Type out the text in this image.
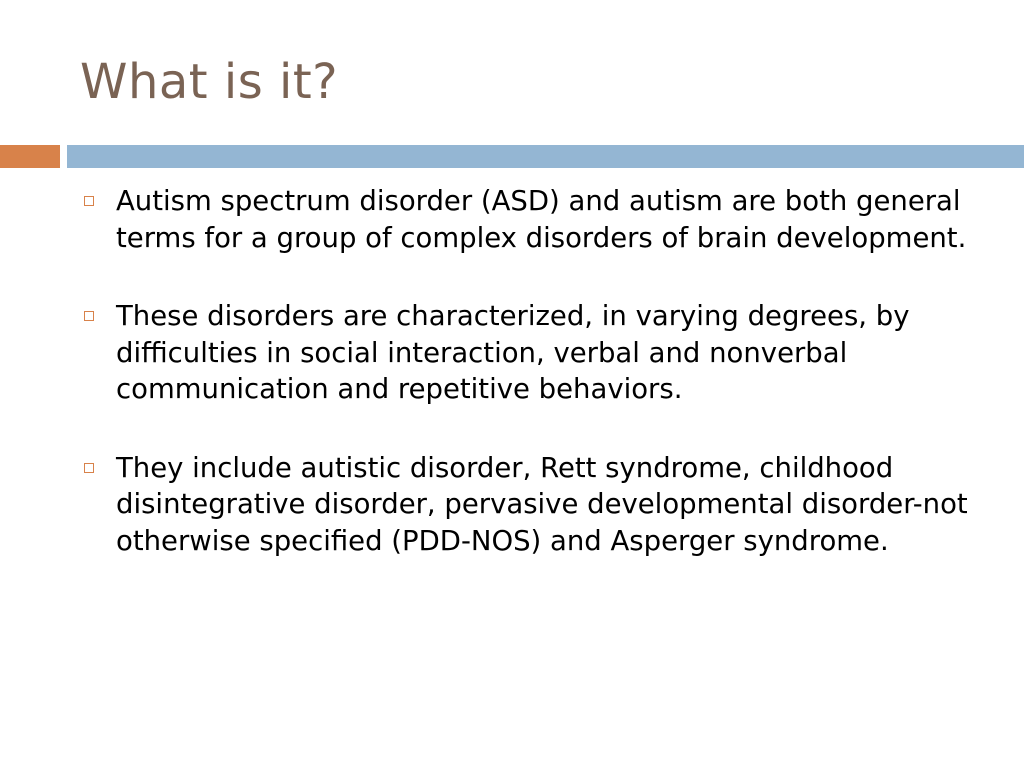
What is it?
Autism spectrum disorder (ASD) and autism are both general terms for a group of complex disorders of brain development.
These disorders are characterized, in varying degrees, by difficulties in social interaction, verbal and nonverbal communication and repetitive behaviors.
They include autistic disorder, Rett syndrome, childhood disintegrative disorder, pervasive developmental disorder-not otherwise specified (PDD-NOS) and Asperger syndrome.
